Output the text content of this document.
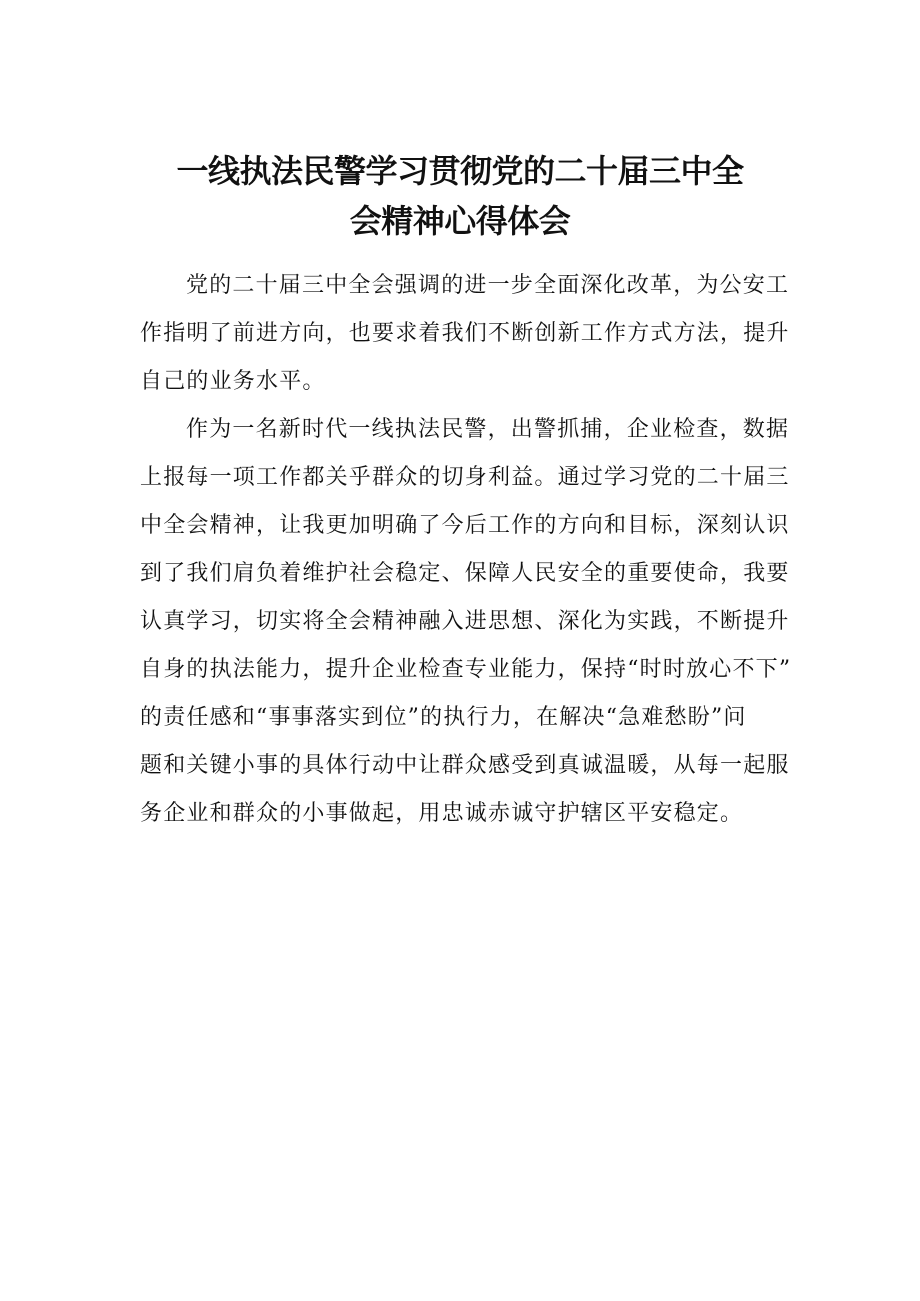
一线执法民警学习贯彻党的二十届三中全
会精神心得体会
党的二十届三中全会强调的进一步全面深化改革，为公安工
作指明了前进方向，也要求着我们不断创新工作方式方法，提升
自己的业务水平。
作为一名新时代一线执法民警，出警抓捕，企业检查，数据
上报每一项工作都关乎群众的切身利益。通过学习党的二十届三
中全会精神，让我更加明确了今后工作的方向和目标，深刻认识
到了我们肩负着维护社会稳定、保障人民安全的重要使命，我要
认真学习，切实将全会精神融入进思想、深化为实践，不断提升
自身的执法能力，提升企业检查专业能力，保持“时时放心不下”
的责任感和“事事落实到位”的执行力，在解决“急难愁盼”问
题和关键小事的具体行动中让群众感受到真诚温暖，从每一起服
务企业和群众的小事做起，用忠诚赤诚守护辖区平安稳定。
